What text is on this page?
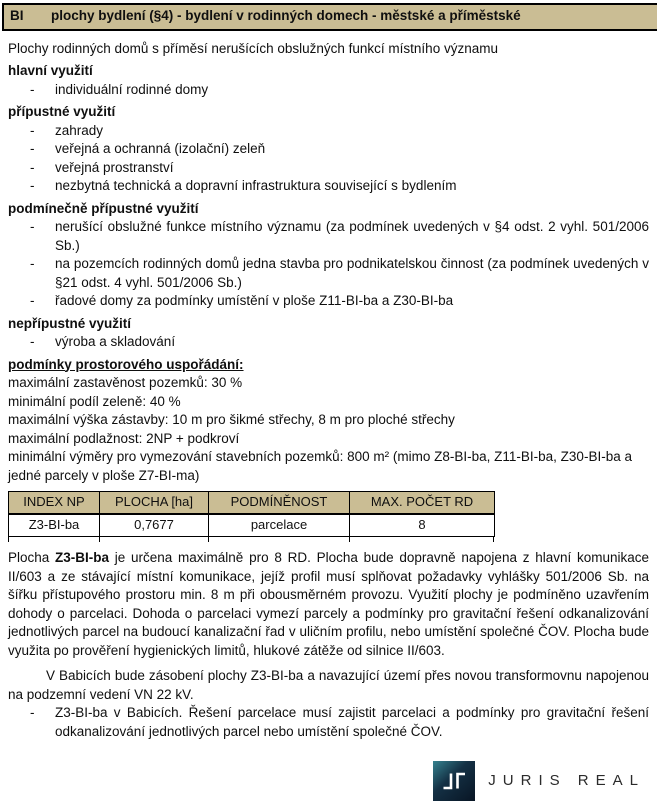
BI	plochy bydlení (§4) - bydlení v rodinných domech - městské a příměstské

Plochy rodinných domů s příměsí nerušících obslužných funkcí místního významu

hlavní využití
-	individuální rodinné domy
přípustné využití
-	zahrady
-	veřejná a ochranná (izolační) zeleň
-	veřejná prostranství
-	nezbytná technická a dopravní infrastruktura související s bydlením
podmínečně přípustné využití
-	nerušící obslužné funkce místního významu (za podmínek uvedených v §4 odst. 2 vyhl. 501/2006 Sb.)
-	na pozemcích rodinných domů jedna stavba pro podnikatelskou činnost (za podmínek uvedených v §21 odst. 4 vyhl. 501/2006 Sb.)
-	řadové domy za podmínky umístění v ploše Z11-BI-ba a Z30-BI-ba
nepřípustné využití
-	výroba a skladování
podmínky prostorového uspořádání:
maximální zastavěnost pozemků: 30 %
minimální podíl zeleně: 40 %
maximální výška zástavby: 10 m pro šikmé střechy, 8 m pro ploché střechy
maximální podlažnost: 2NP + podkroví
minimální výměry pro vymezování stavebních pozemků: 800 m² (mimo Z8-BI-ba, Z11-BI-ba, Z30-BI-ba a jedné parcely v ploše Z7-BI-ma)
INDEX NP	PLOCHA [ha]	PODMÍNĚNOST	MAX. POČET RD
Z3-BI-ba	0,7677	parcelace	8

Plocha Z3-BI-ba je určena maximálně pro 8 RD. Plocha bude dopravně napojena z hlavní komunikace II/603 a ze stávající místní komunikace, jejíž profil musí splňovat požadavky vyhlášky 501/2006 Sb. na šířku přístupového prostoru min. 8 m při obousměrném provozu. Využití plochy je podmíněno uzavřením dohody o parcelaci. Dohoda o parcelaci vymezí parcely a podmínky pro gravitační řešení odkanalizování jednotlivých parcel na budoucí kanalizační řad v uličním profilu, nebo umístění společné ČOV. Plocha bude využita po prověření hygienických limitů, hlukové zátěže od silnice II/603.

V Babicích bude zásobení plochy Z3-BI-ba a navazující území přes novou transformovnu napojenou na podzemní vedení VN 22 kV.

-	Z3-BI-ba v Babicích. Řešení parcelace musí zajistit parcelaci a podmínky pro gravitační řešení odkanalizování jednotlivých parcel nebo umístění společné ČOV.
JURIS REAL
